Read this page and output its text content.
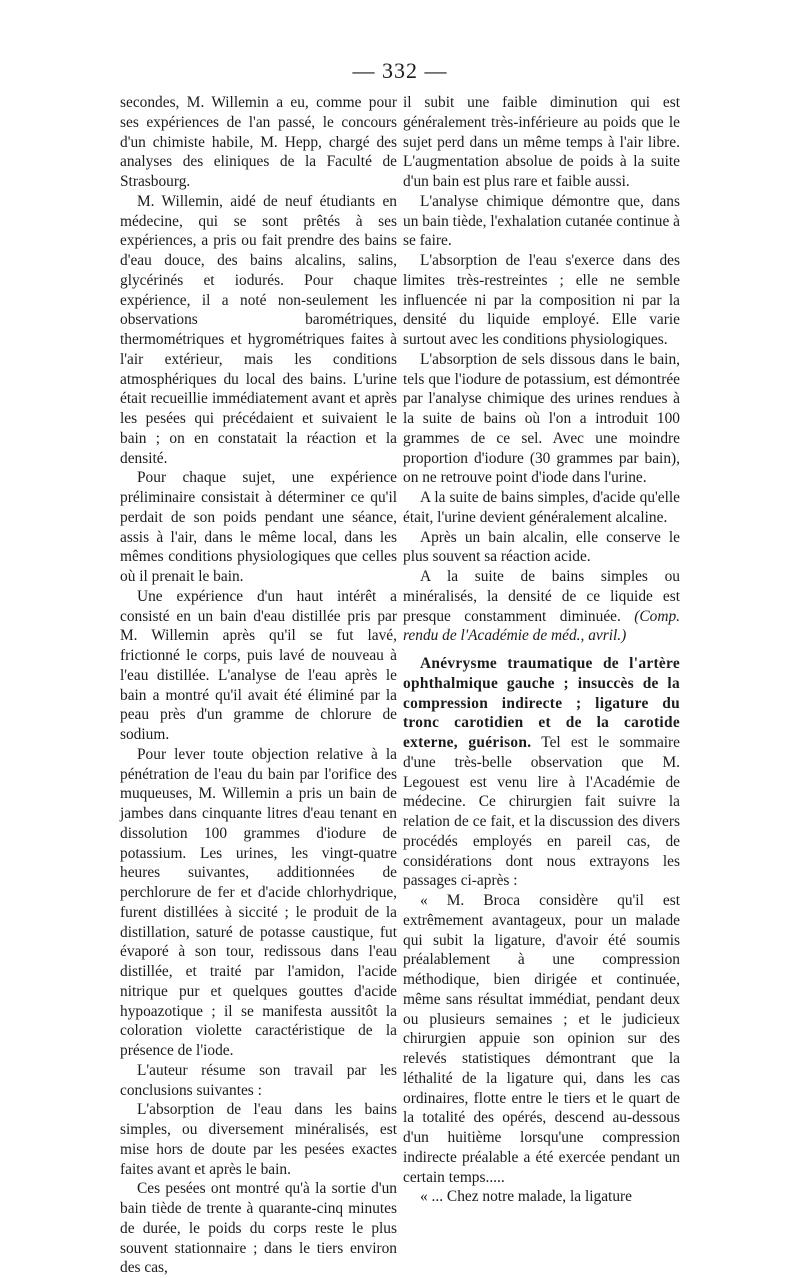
— 332 —

secondes, M. Willemin a eu, comme pour ses expériences de l'an passé, le concours d'un chimiste habile, M. Hepp, chargé des analyses des eliniques de la Faculté de Strasbourg.

M. Willemin, aidé de neuf étudiants en médecine, qui se sont prêtés à ses expériences, a pris ou fait prendre des bains d'eau douce, des bains alcalins, salins, glycérinés et iodurés. Pour chaque expérience, il a noté non-seulement les observations barométriques, thermométriques et hygrométriques faites à l'air extérieur, mais les conditions atmosphériques du local des bains. L'urine était recueillie immédiatement avant et après les pesées qui précédaient et suivaient le bain ; on en constatait la réaction et la densité.

Pour chaque sujet, une expérience préliminaire consistait à déterminer ce qu'il perdait de son poids pendant une séance, assis à l'air, dans le même local, dans les mêmes conditions physiologiques que celles où il prenait le bain.

Une expérience d'un haut intérêt a consisté en un bain d'eau distillée pris par M. Willemin après qu'il se fut lavé, frictionné le corps, puis lavé de nouveau à l'eau distillée. L'analyse de l'eau après le bain a montré qu'il avait été éliminé par la peau près d'un gramme de chlorure de sodium.

Pour lever toute objection relative à la pénétration de l'eau du bain par l'orifice des muqueuses, M. Willemin a pris un bain de jambes dans cinquante litres d'eau tenant en dissolution 100 grammes d'iodure de potassium. Les urines, les vingt-quatre heures suivantes, additionnées de perchlorure de fer et d'acide chlorhydrique, furent distillées à siccité ; le produit de la distillation, saturé de potasse caustique, fut évaporé à son tour, redissous dans l'eau distillée, et traité par l'amidon, l'acide nitrique pur et quelques gouttes d'acide hypoazotique ; il se manifesta aussitôt la coloration violette caractéristique de la présence de l'iode.

L'auteur résume son travail par les conclusions suivantes :

L'absorption de l'eau dans les bains simples, ou diversement minéralisés, est mise hors de doute par les pesées exactes faites avant et après le bain.

Ces pesées ont montré qu'à la sortie d'un bain tiède de trente à quarante-cinq minutes de durée, le poids du corps reste le plus souvent stationnaire ; dans le tiers environ des cas,

il subit une faible diminution qui est généralement très-inférieure au poids que le sujet perd dans un même temps à l'air libre. L'augmentation absolue de poids à la suite d'un bain est plus rare et faible aussi.

L'analyse chimique démontre que, dans un bain tiède, l'exhalation cutanée continue à se faire.

L'absorption de l'eau s'exerce dans des limites très-restreintes ; elle ne semble influencée ni par la composition ni par la densité du liquide employé. Elle varie surtout avec les conditions physiologiques.

L'absorption de sels dissous dans le bain, tels que l'iodure de potassium, est démontrée par l'analyse chimique des urines rendues à la suite de bains où l'on a introduit 100 grammes de ce sel. Avec une moindre proportion d'iodure (30 grammes par bain), on ne retrouve point d'iode dans l'urine.

A la suite de bains simples, d'acide qu'elle était, l'urine devient généralement alcaline.

Après un bain alcalin, elle conserve le plus souvent sa réaction acide.

A la suite de bains simples ou minéralisés, la densité de ce liquide est presque constamment diminuée. (Comp. rendu de l'Académie de méd., avril.)

Anévrysme traumatique de l'artère ophthalmique gauche ; insuccès de la compression indirecte ; ligature du tronc carotidien et de la carotide externe, guérison. Tel est le sommaire d'une très-belle observation que M. Legouest est venu lire à l'Académie de médecine. Ce chirurgien fait suivre la relation de ce fait, et la discussion des divers procédés employés en pareil cas, de considérations dont nous extrayons les passages ci-après :

« M. Broca considère qu'il est extrêmement avantageux, pour un malade qui subit la ligature, d'avoir été soumis préalablement à une compression méthodique, bien dirigée et continuée, même sans résultat immédiat, pendant deux ou plusieurs semaines ; et le judicieux chirurgien appuie son opinion sur des relevés statistiques démontrant que la léthalité de la ligature qui, dans les cas ordinaires, flotte entre le tiers et le quart de la totalité des opérés, descend au-dessous d'un huitième lorsqu'une compression indirecte préalable a été exercée pendant un certain temps.....

« ... Chez notre malade, la ligature
